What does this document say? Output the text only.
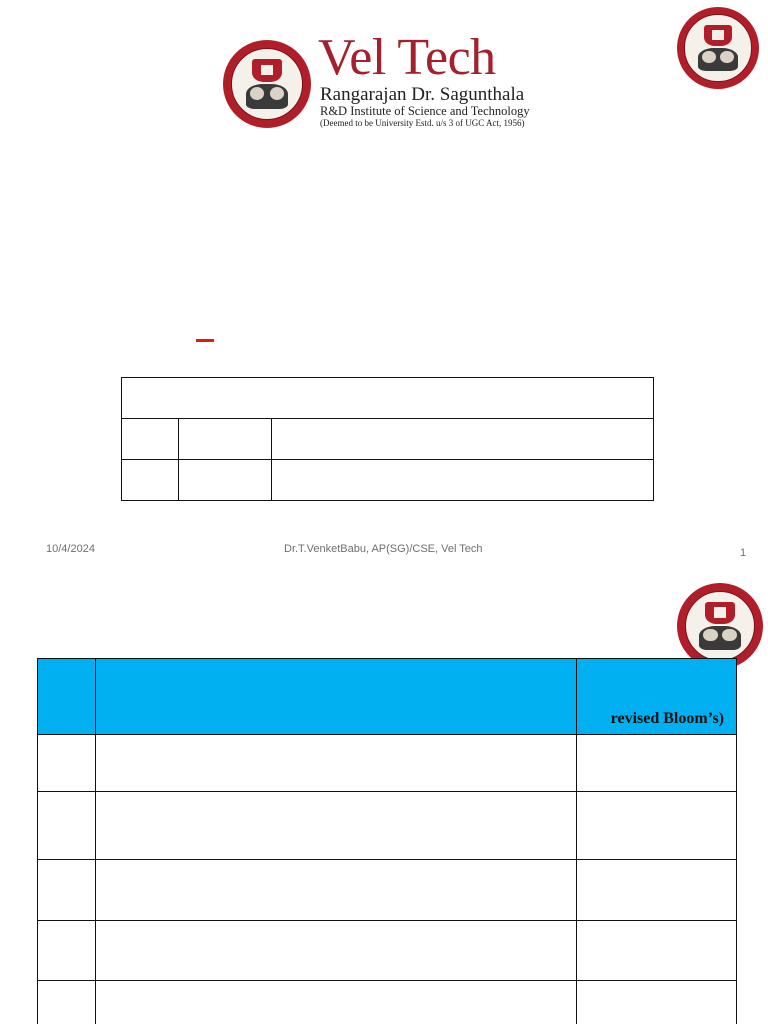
Vel Tech

Rangarajan Dr. Sagunthala

R&D Institute of Science and Technology

(Deemed to be University Estd. u/s 3 of UGC Act, 1956)

10/4/2024	Dr.T.VenketBabu, AP(SG)/CSE, Vel Tech	1

		revised Bloom’s)
